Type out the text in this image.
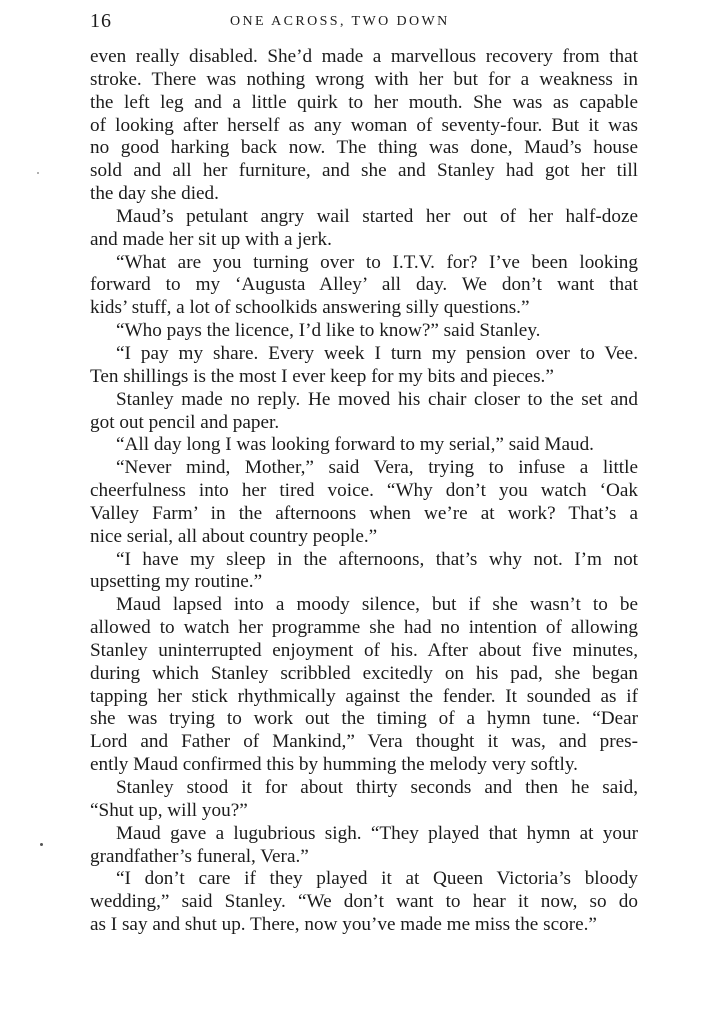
16	ONE ACROSS, TWO DOWN
even really disabled. She’d made a marvellous recovery from that
stroke. There was nothing wrong with her but for a weakness in
the left leg and a little quirk to her mouth. She was as capable
of looking after herself as any woman of seventy-four. But it was
no good harking back now. The thing was done, Maud’s house
sold and all her furniture, and she and Stanley had got her till
the day she died.
Maud’s petulant angry wail started her out of her half-doze
and made her sit up with a jerk.
“What are you turning over to I.T.V. for? I’ve been looking
forward to my ‘Augusta Alley’ all day. We don’t want that
kids’ stuff, a lot of schoolkids answering silly questions.”
“Who pays the licence, I’d like to know?” said Stanley.
“I pay my share. Every week I turn my pension over to Vee.
Ten shillings is the most I ever keep for my bits and pieces.”
Stanley made no reply. He moved his chair closer to the set and
got out pencil and paper.
“All day long I was looking forward to my serial,” said Maud.
“Never mind, Mother,” said Vera, trying to infuse a little
cheerfulness into her tired voice. “Why don’t you watch ‘Oak
Valley Farm’ in the afternoons when we’re at work? That’s a
nice serial, all about country people.”
“I have my sleep in the afternoons, that’s why not. I’m not
upsetting my routine.”
Maud lapsed into a moody silence, but if she wasn’t to be
allowed to watch her programme she had no intention of allowing
Stanley uninterrupted enjoyment of his. After about five minutes,
during which Stanley scribbled excitedly on his pad, she began
tapping her stick rhythmically against the fender. It sounded as if
she was trying to work out the timing of a hymn tune. “Dear
Lord and Father of Mankind,” Vera thought it was, and pres-
ently Maud confirmed this by humming the melody very softly.
Stanley stood it for about thirty seconds and then he said,
“Shut up, will you?”
Maud gave a lugubrious sigh. “They played that hymn at your
grandfather’s funeral, Vera.”
“I don’t care if they played it at Queen Victoria’s bloody
wedding,” said Stanley. “We don’t want to hear it now, so do
as I say and shut up. There, now you’ve made me miss the score.”
